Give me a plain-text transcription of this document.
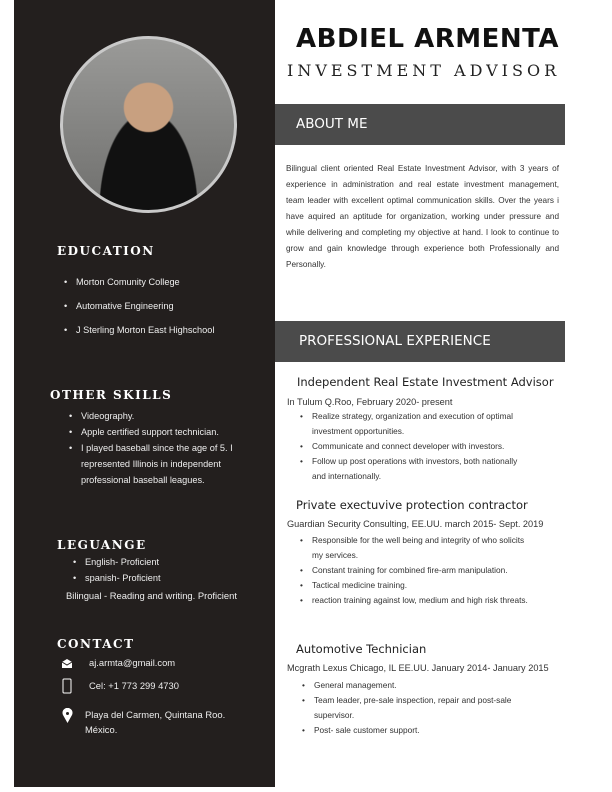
EDUCATION
• Morton Comunity College
• Automative Engineering
• J Sterling Morton East Highschool
OTHER SKILLS
• Videography.
• Apple certified support technician.
• I played baseball since the age of 5. I represented Illinois in independent professional baseball leagues.
LEGUANGE
• English- Proficient
• spanish- Proficient
Bilingual - Reading and writing. Proficient
CONTACT
aj.armta@gmail.com
Cel: +1 773 299 4730
Playa del Carmen, Quintana Roo. México.
ABDIEL ARMENTA
INVESTMENT ADVISOR
ABOUT ME
Bilingual client oriented Real Estate Investment Advisor, with 3 years of experience in administration and real estate investment management, team leader with excellent optimal communication skills. Over the years i have aquired an aptitude for organization, working under pressure and while delivering and completing my objective at hand. I look to continue to grow and gain knowledge through experience both Professionally and Personally.
PROFESSIONAL EXPERIENCE
Independent Real Estate Investment Advisor
In Tulum Q.Roo, February 2020- present
• Realize strategy, organization and execution of optimal investment opportunities.
• Communicate and connect developer with investors.
• Follow up post operations with investors, both nationally and internationally.
Private exectuvive protection contractor
Guardian Security Consulting, EE.UU. march 2015- Sept. 2019
• Responsible for the well being and integrity of who solicits my services.
• Constant training for combined fire-arm manipulation.
• Tactical medicine training.
• reaction training against low, medium and high risk threats.
Automotive Technician
Mcgrath Lexus Chicago, IL EE.UU. January 2014- January 2015
• General management.
• Team leader, pre-sale inspection, repair and post-sale supervisor.
• Post- sale customer support.
